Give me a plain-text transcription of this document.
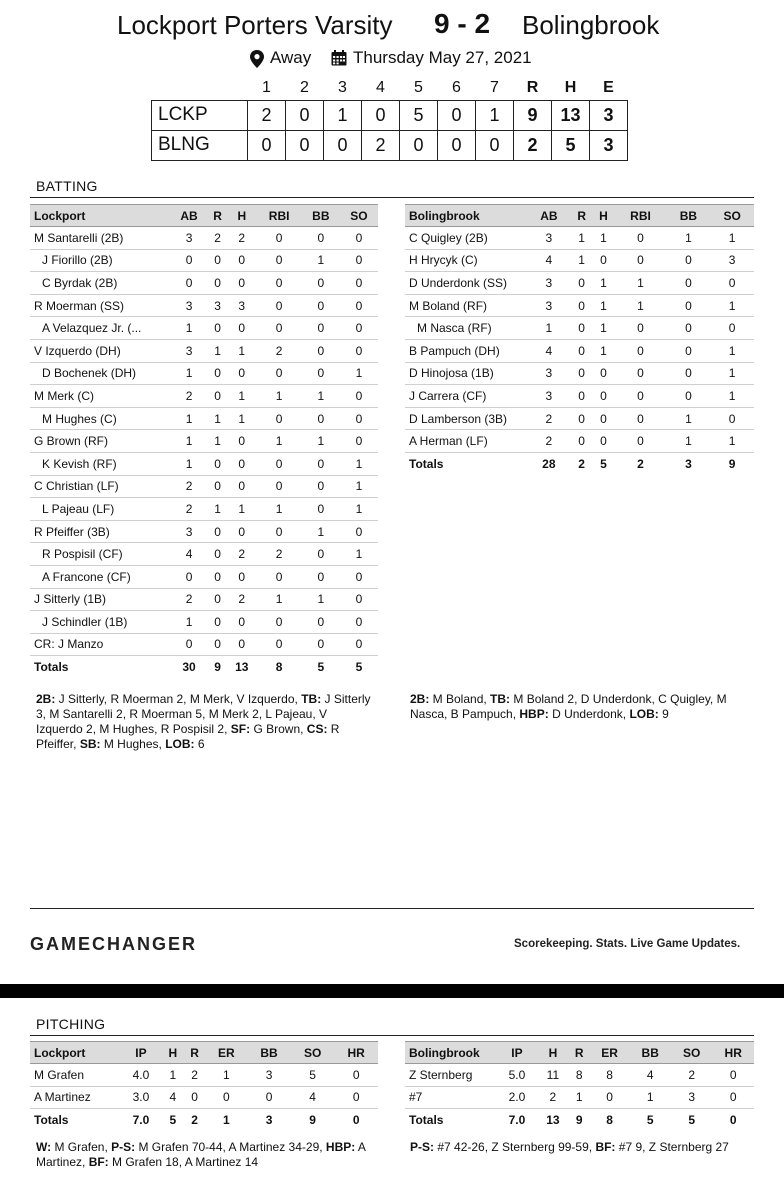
Lockport Porters Varsity 9 - 2 Bolingbrook
Away Thursday May 27, 2021
	1	2	3	4	5	6	7	R	H	E
LCKP	2	0	1	0	5	0	1	9	13	3
BLNG	0	0	0	2	0	0	0	2	5	3
BATTING
Lockport	AB	R	H	RBI	BB	SO
M Santarelli (2B)	3	2	2	0	0	0
J Fiorillo (2B)	0	0	0	0	1	0
C Byrdak (2B)	0	0	0	0	0	0
R Moerman (SS)	3	3	3	0	0	0
A Velazquez Jr. (...	1	0	0	0	0	0
V Izquerdo (DH)	3	1	1	2	0	0
D Bochenek (DH)	1	0	0	0	0	1
M Merk (C)	2	0	1	1	1	0
M Hughes (C)	1	1	1	0	0	0
G Brown (RF)	1	1	0	1	1	0
K Kevish (RF)	1	0	0	0	0	1
C Christian (LF)	2	0	0	0	0	1
L Pajeau (LF)	2	1	1	1	0	1
R Pfeiffer (3B)	3	0	0	0	1	0
R Pospisil (CF)	4	0	2	2	0	1
A Francone (CF)	0	0	0	0	0	0
J Sitterly (1B)	2	0	2	1	1	0
J Schindler (1B)	1	0	0	0	0	0
CR: J Manzo	0	0	0	0	0	0
Totals	30	9	13	8	5	5
Bolingbrook	AB	R	H	RBI	BB	SO
C Quigley (2B)	3	1	1	0	1	1
H Hrycyk (C)	4	1	0	0	0	3
D Underdonk (SS)	3	0	1	1	0	0
M Boland (RF)	3	0	1	1	0	1
M Nasca (RF)	1	0	1	0	0	0
B Pampuch (DH)	4	0	1	0	0	1
D Hinojosa (1B)	3	0	0	0	0	1
J Carrera (CF)	3	0	0	0	0	1
D Lamberson (3B)	2	0	0	0	1	0
A Herman (LF)	2	0	0	0	1	1
Totals	28	2	5	2	3	9
2B: J Sitterly, R Moerman 2, M Merk, V Izquerdo, TB: J Sitterly 3, M Santarelli 2, R Moerman 5, M Merk 2, L Pajeau, V Izquerdo 2, M Hughes, R Pospisil 2, SF: G Brown, CS: R Pfeiffer, SB: M Hughes, LOB: 6
2B: M Boland, TB: M Boland 2, D Underdonk, C Quigley, M Nasca, B Pampuch, HBP: D Underdonk, LOB: 9
GAMECHANGER	Scorekeeping. Stats. Live Game Updates.
PITCHING
Lockport	IP	H	R	ER	BB	SO	HR
M Grafen	4.0	1	2	1	3	5	0
A Martinez	3.0	4	0	0	0	4	0
Totals	7.0	5	2	1	3	9	0
Bolingbrook	IP	H	R	ER	BB	SO	HR
Z Sternberg	5.0	11	8	8	4	2	0
#7	2.0	2	1	0	1	3	0
Totals	7.0	13	9	8	5	5	0
W: M Grafen, P-S: M Grafen 70-44, A Martinez 34-29, HBP: A Martinez, BF: M Grafen 18, A Martinez 14
P-S: #7 42-26, Z Sternberg 99-59, BF: #7 9, Z Sternberg 27
